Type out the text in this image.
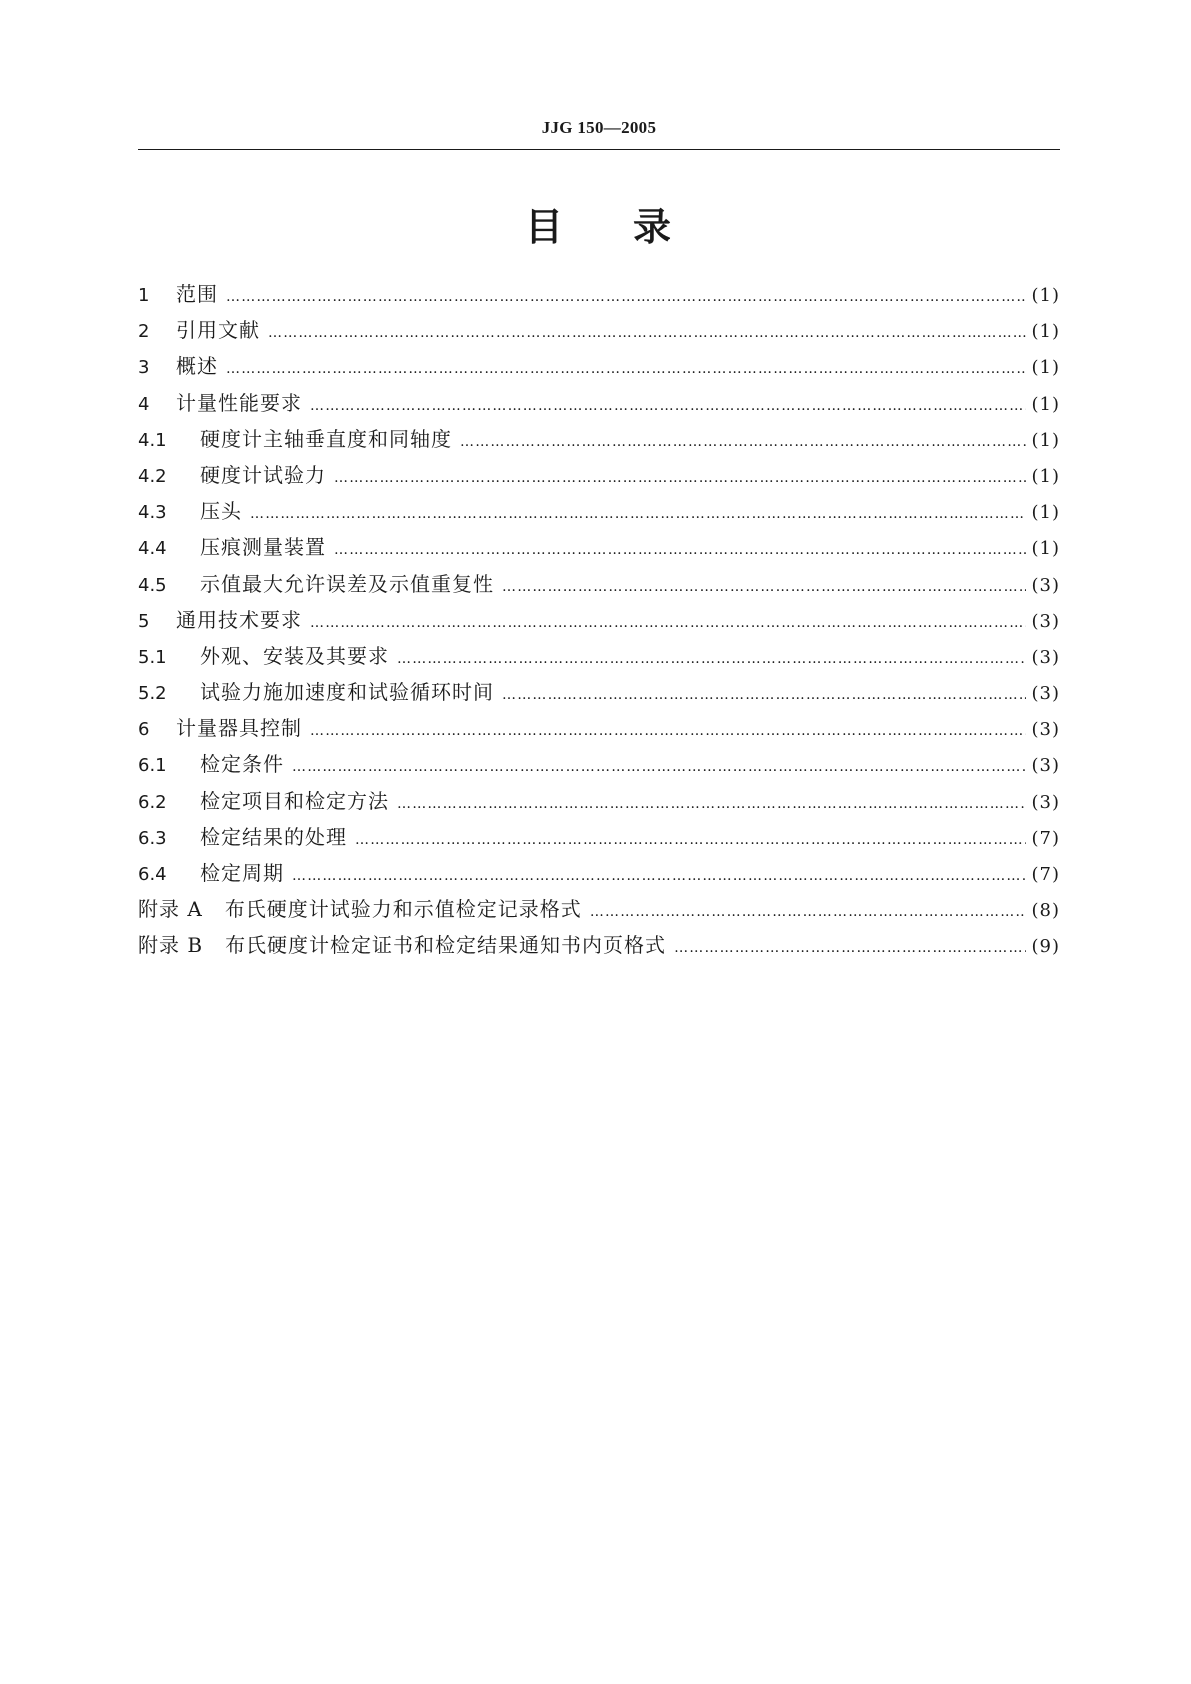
JJG 150—2005
目 录
1	范围 ……………………………………………………………………………………………………………………………………………………………………………………………………………	(1)
2	引用文献 ……………………………………………………………………………………………………………………………………………………………………………………………………………	(1)
3	概述 ……………………………………………………………………………………………………………………………………………………………………………………………………………	(1)
4	计量性能要求 ……………………………………………………………………………………………………………………………………………………………………………………………………………	(1)
4.1	硬度计主轴垂直度和同轴度 ……………………………………………………………………………………………………………………………………………………………………………………………………………	(1)
4.2	硬度计试验力 ……………………………………………………………………………………………………………………………………………………………………………………………………………	(1)
4.3	压头 ……………………………………………………………………………………………………………………………………………………………………………………………………………	(1)
4.4	压痕测量装置 ……………………………………………………………………………………………………………………………………………………………………………………………………………	(1)
4.5	示值最大允许误差及示值重复性 ……………………………………………………………………………………………………………………………………………………………………………………………………………	(3)
5	通用技术要求 ……………………………………………………………………………………………………………………………………………………………………………………………………………	(3)
5.1	外观、安装及其要求 ……………………………………………………………………………………………………………………………………………………………………………………………………………	(3)
5.2	试验力施加速度和试验循环时间 ……………………………………………………………………………………………………………………………………………………………………………………………………………	(3)
6	计量器具控制 ……………………………………………………………………………………………………………………………………………………………………………………………………………	(3)
6.1	检定条件 ……………………………………………………………………………………………………………………………………………………………………………………………………………	(3)
6.2	检定项目和检定方法 ……………………………………………………………………………………………………………………………………………………………………………………………………………	(3)
6.3	检定结果的处理 ……………………………………………………………………………………………………………………………………………………………………………………………………………	(7)
6.4	检定周期 ……………………………………………………………………………………………………………………………………………………………………………………………………………	(7)
附录 A 布氏硬度计试验力和示值检定记录格式 ……………………………………………………………………………………………………………………………………………………………………………………………………………	(8)
附录 B 布氏硬度计检定证书和检定结果通知书内页格式 ……………………………………………………………………………………………………………………………………………………………………………………………………………	(9)
